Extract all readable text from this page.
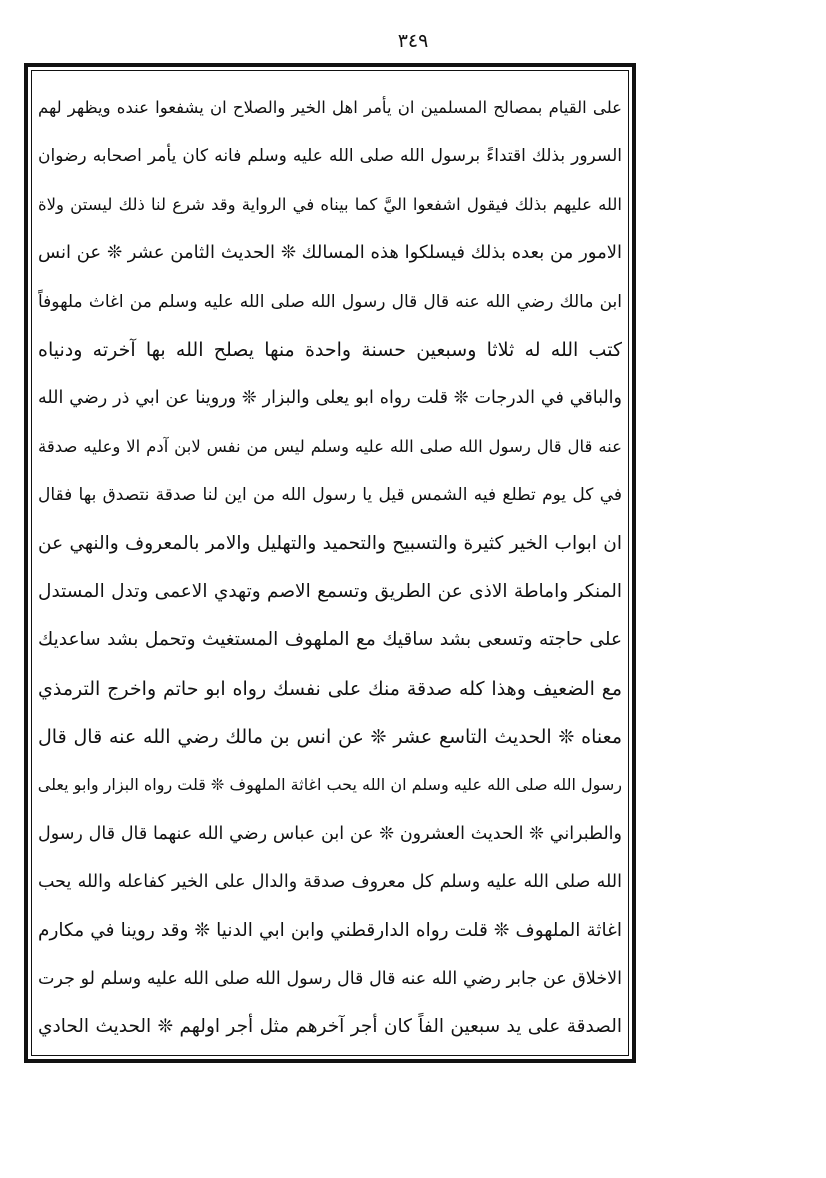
٣٤٩
على القيام بمصالح المسلمين ان يأمر اهل الخير والصلاح ان يشفعوا عنده ويظهر لهم
السرور بذلك اقتداءً برسول الله صلى الله عليه وسلم فانه كان يأمر اصحابه رضوان
الله عليهم بذلك فيقول اشفعوا اليَّ كما بيناه في الرواية وقد شرع لنا ذلك ليستن ولاة
الامور من بعده بذلك فيسلكوا هذه المسالك ❊ الحديث الثامن عشر ❊ عن انس
ابن مالك رضي الله عنه قال قال رسول الله صلى الله عليه وسلم من اغاث ملهوفاً
كتب الله له ثلاثا وسبعين حسنة واحدة منها يصلح الله بها آخرته ودنياه
والباقي في الدرجات ❊ قلت رواه ابو يعلى والبزار ❊ وروينا عن ابي ذر رضي الله
عنه قال قال رسول الله صلى الله عليه وسلم ليس من نفس لابن آدم الا وعليه صدقة
في كل يوم تطلع فيه الشمس قيل يا رسول الله من اين لنا صدقة نتصدق بها فقال
ان ابواب الخير كثيرة والتسبيح والتحميد والتهليل والامر بالمعروف والنهي عن
المنكر واماطة الاذى عن الطريق وتسمع الاصم وتهدي الاعمى وتدل المستدل
على حاجته وتسعى بشد ساقيك مع الملهوف المستغيث وتحمل بشد ساعديك
مع الضعيف وهذا كله صدقة منك على نفسك رواه ابو حاتم واخرج الترمذي
معناه ❊ الحديث التاسع عشر ❊ عن انس بن مالك رضي الله عنه قال قال
رسول الله صلى الله عليه وسلم ان الله يحب اغاثة الملهوف ❊ قلت رواه البزار وابو يعلى
والطبراني ❊ الحديث العشرون ❊ عن ابن عباس رضي الله عنهما قال قال رسول
الله صلى الله عليه وسلم كل معروف صدقة والدال على الخير كفاعله والله يحب
اغاثة الملهوف ❊ قلت رواه الدارقطني وابن ابي الدنيا ❊ وقد روينا في مكارم
الاخلاق عن جابر رضي الله عنه قال قال رسول الله صلى الله عليه وسلم لو جرت
الصدقة على يد سبعين الفاً كان أجر آخرهم مثل أجر اولهم ❊ الحديث الحادي
